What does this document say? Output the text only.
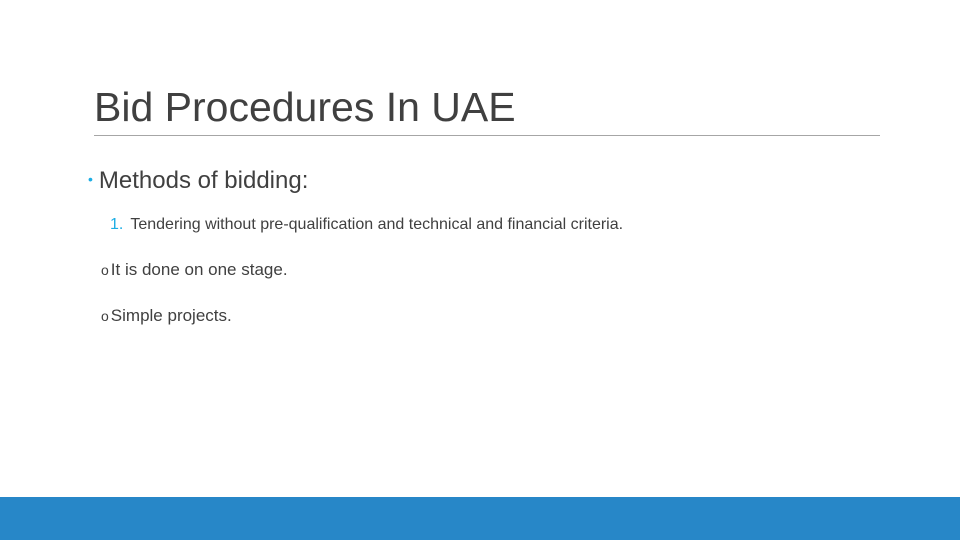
Bid Procedures In UAE
• Methods of bidding:
1. Tendering without pre-qualification and technical and financial criteria.
o It is done on one stage.
o Simple projects.
